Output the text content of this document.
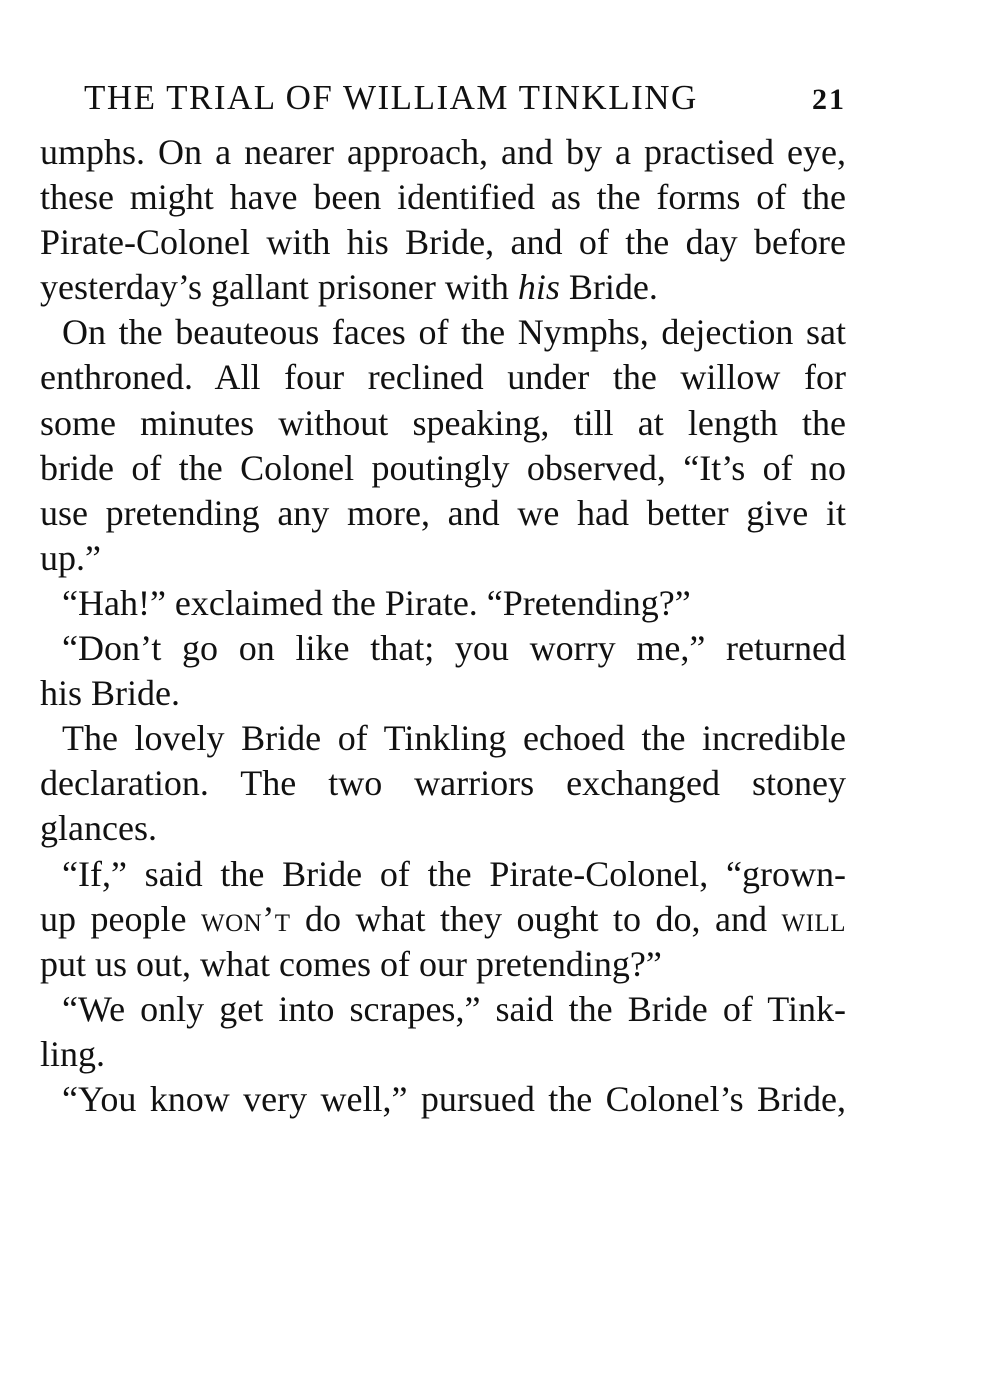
THE TRIAL OF WILLIAM TINKLING	21
umphs. On a nearer approach, and by a practised eye,
these might have been identified as the forms of the
Pirate-Colonel with his Bride, and of the day before
yesterday’s gallant prisoner with his Bride.
On the beauteous faces of the Nymphs, dejection sat
enthroned. All four reclined under the willow for
some minutes without speaking, till at length the
bride of the Colonel poutingly observed, “It’s of no
use pretending any more, and we had better give it
up.”
“Hah!” exclaimed the Pirate. “Pretending?”
“Don’t go on like that; you worry me,” returned
his Bride.
The lovely Bride of Tinkling echoed the incredible
declaration. The two warriors exchanged stoney
glances.
“If,” said the Bride of the Pirate-Colonel, “grown-
up people won’t do what they ought to do, and will
put us out, what comes of our pretending?”
“We only get into scrapes,” said the Bride of Tink-
ling.
“You know very well,” pursued the Colonel’s Bride,
